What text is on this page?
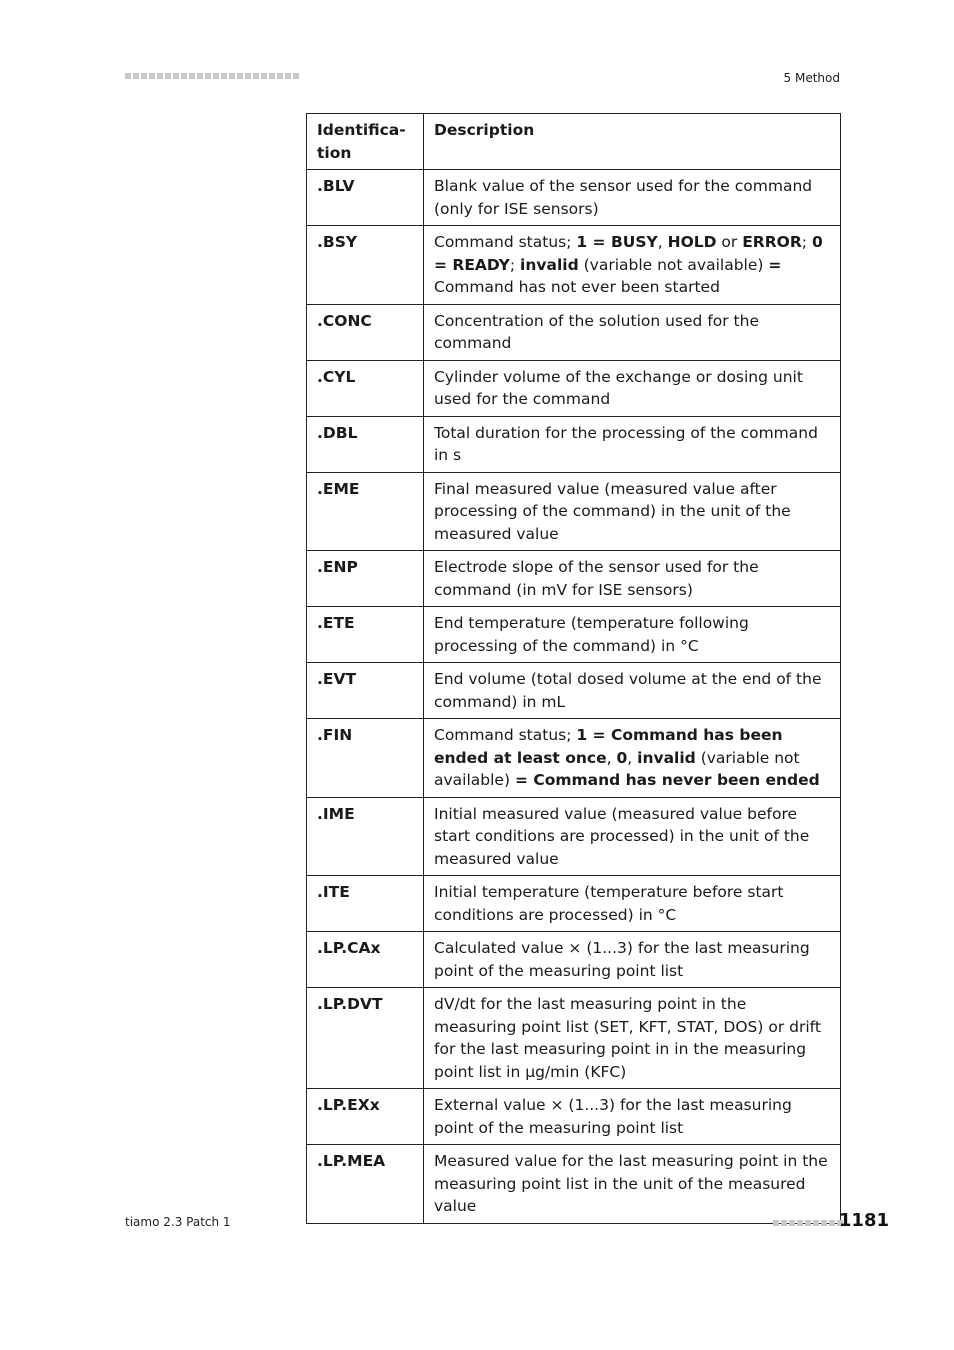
5 Method
Identifica-
tion	Description
.BLV	Blank value of the sensor used for the command (only for ISE sensors)
.BSY	Command status; 1 = BUSY, HOLD or ERROR; 0 = READY; invalid (variable not available) = Command has not ever been started
.CONC	Concentration of the solution used for the command
.CYL	Cylinder volume of the exchange or dosing unit used for the command
.DBL	Total duration for the processing of the command in s
.EME	Final measured value (measured value after processing of the command) in the unit of the measured value
.ENP	Electrode slope of the sensor used for the command (in mV for ISE sensors)
.ETE	End temperature (temperature following processing of the command) in °C
.EVT	End volume (total dosed volume at the end of the command) in mL
.FIN	Command status; 1 = Command has been ended at least once, 0, invalid (variable not available) = Command has never been ended
.IME	Initial measured value (measured value before start conditions are processed) in the unit of the measured value
.ITE	Initial temperature (temperature before start conditions are processed) in °C
.LP.CAx	Calculated value × (1...3) for the last measuring point of the measuring point list
.LP.DVT	dV/dt for the last measuring point in the measuring point list (SET, KFT, STAT, DOS) or drift for the last measuring point in in the measuring point list in µg/min (KFC)
.LP.EXx	External value × (1...3) for the last measuring point of the measuring point list
.LP.MEA	Measured value for the last measuring point in the measuring point list in the unit of the measured value
tiamo 2.3 Patch 1	1181
